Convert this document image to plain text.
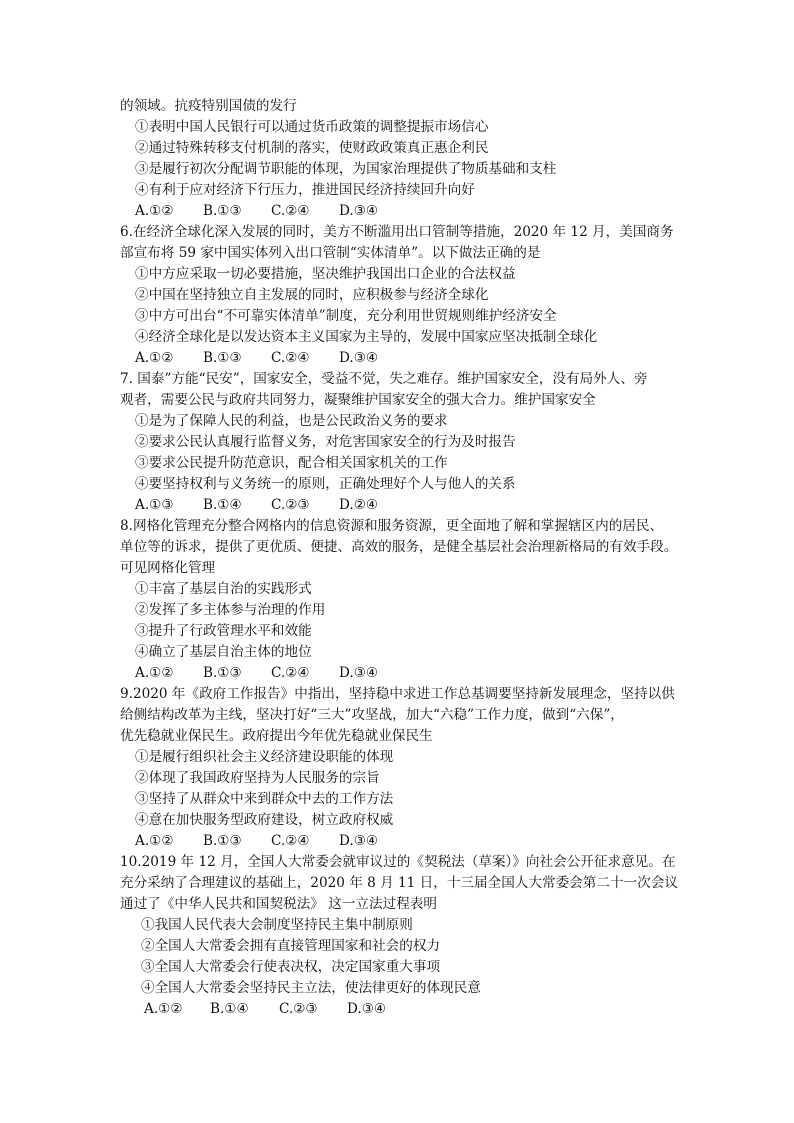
的领域。抗疫特别国债的发行
①表明中国人民银行可以通过货币政策的调整提振市场信心
②通过特殊转移支付机制的落实，使财政政策真正惠企利民
③是履行初次分配调节职能的体现，为国家治理提供了物质基础和支柱
④有利于应对经济下行压力，推进国民经济持续回升向好
A.①② B.①③ C.②④ D.③④
6.在经济全球化深入发展的同时，美方不断滥用出口管制等措施，2020 年 12 月，美国商务
部宣布将 59 家中国实体列入出口管制“实体清单”。以下做法正确的是
①中方应采取一切必要措施，坚决维护我国出口企业的合法权益
②中国在坚持独立自主发展的同时，应积极参与经济全球化
③中方可出台“不可靠实体清单”制度，充分利用世贸规则维护经济安全
④经济全球化是以发达资本主义国家为主导的，发展中国家应坚决抵制全球化
A.①② B.①③ C.②④ D.③④
7. 国泰”方能“民安”，国家安全，受益不觉，失之难存。维护国家安全，没有局外人、旁
观者，需要公民与政府共同努力，凝聚维护国家安全的强大合力。维护国家安全
①是为了保障人民的利益，也是公民政治义务的要求
②要求公民认真履行监督义务，对危害国家安全的行为及时报告
③要求公民提升防范意识，配合相关国家机关的工作
④要坚持权利与义务统一的原则，正确处理好个人与他人的关系
A.①③ B.①④ C.②③ D.②④
8.网格化管理充分整合网格内的信息资源和服务资源，更全面地了解和掌握辖区内的居民、
单位等的诉求，提供了更优质、便捷、高效的服务，是健全基层社会治理新格局的有效手段。
可见网格化管理
①丰富了基层自治的实践形式
②发挥了多主体参与治理的作用
③提升了行政管理水平和效能
④确立了基层自治主体的地位
A.①② B.①③ C.②④ D.③④
9.2020 年《政府工作报告》中指出，坚持稳中求进工作总基调要坚持新发展理念，坚持以供
给侧结构改革为主线，坚决打好“三大”攻坚战，加大“六稳”工作力度，做到“六保”，
优先稳就业保民生。政府提出今年优先稳就业保民生
①是履行组织社会主义经济建设职能的体现
②体现了我国政府坚持为人民服务的宗旨
③坚持了从群众中来到群众中去的工作方法
④意在加快服务型政府建设，树立政府权威
A.①② B.①③ C.②④ D.③④
10.2019 年 12 月，全国人大常委会就审议过的《契税法（草案）》向社会公开征求意见。在
充分采纳了合理建议的基础上，2020 年 8 月 11 日，十三届全国人大常委会第二十一次会议
通过了《中华人民共和国契税法》 这一立法过程表明
①我国人民代表大会制度坚持民主集中制原则
②全国人大常委会拥有直接管理国家和社会的权力
③全国人大常委会行使表决权，决定国家重大事项
④全国人大常委会坚持民主立法，使法律更好的体现民意
A.①② B.①④ C.②③ D.③④
